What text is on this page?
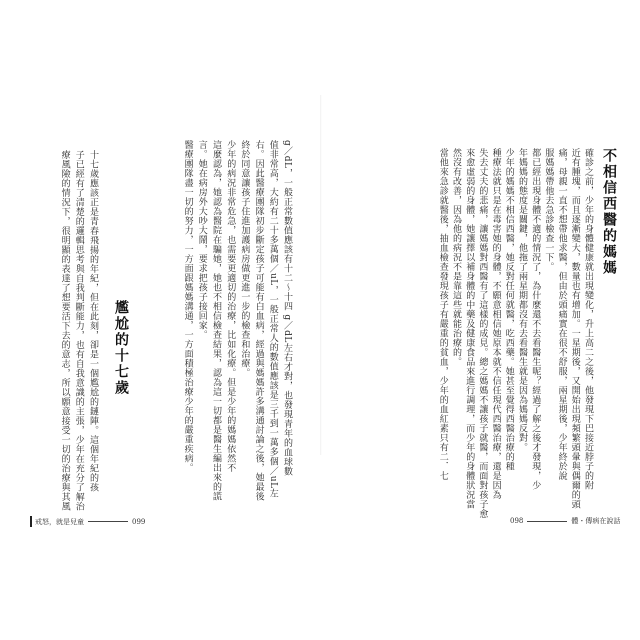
不相信西醫的媽媽
確診之前，少年的身體健康就出現變化，升上高二之後，他發現下巴接近脖子的附
近有腫塊，而且逐漸變大，數量也有增加。一星期後，又開始出現頻繁頭暈與偶爾的頭
痛，母親一直不想帶他求醫，但由於頭痛實在很不舒服，兩星期後，少年終於說
服媽媽帶他去急診檢查一下。
都已經出現身體不適的情況了，為什麼還不去看醫生呢？經過了解之後才發現，少
年媽媽的態度是關鍵，他拖了兩星期都沒有去看醫生就是因為媽媽反對。
少年的媽媽不相信西醫，她反對任何就醫，吃西藥。她甚至覺得西醫治療的種
種療法就只是在毒害她的身體，不願意相信她原本就不信任現代西醫治療，還是因為
失去丈夫的悲痛，讓媽媽對西醫有了這樣的成見。總之媽媽不讓孩子就醫，而面對孩子愈
來愈虛弱的身體，她讓擇以補身體的中藥及健康食品來進行調理，而少年的身體狀況當
然沒有改善，因為他的病況不是靠這些就能治療的。
當他來急診就醫後，抽血檢查發現孩子有嚴重的貧血，少年的血紅素只有二．七
098	體・傳病在說話
g／dL，一般正常數值應該有十二～十四 g／dL左右才對，也發現青年的血球數
值非常高，大約有二十多萬個／uL，一般正常人的數值應該是三千到一萬多個／uL左
右。因此醫療團隊初步斷定孩子可能有白血病，經過與媽媽許多溝通討論之後，她最後
終於同意讓孩子住進加護病房做更進一步的檢查和治療。
少年的病況非常危急，也需要更適切的治療，比如化療。但是少年的媽媽依然不
這麼認為，她認為醫院在騙她，她也不相信檢查結果，認為這一切都是醫生編出來的謊
言。她在病房外大吵大鬧，要求把孩子接回家。
醫療團隊盡一切的努力，一方面跟媽媽溝通，一方面積極治療少年的嚴重疾病。
尷尬的十七歲
十七歲應該正是青春飛揚的年紀，但在此刻，卻是一個尷尬的鏈陣。這個年紀的孩
子已經有了清楚的邏輯思考與自我判斷能力，也有自我意識的主張，少年在充分了解治
療風險的情況下，很明顯的表達了想要活下去的意志，所以願意接受一切的治療與其風
戒怒，就是兒童	099
